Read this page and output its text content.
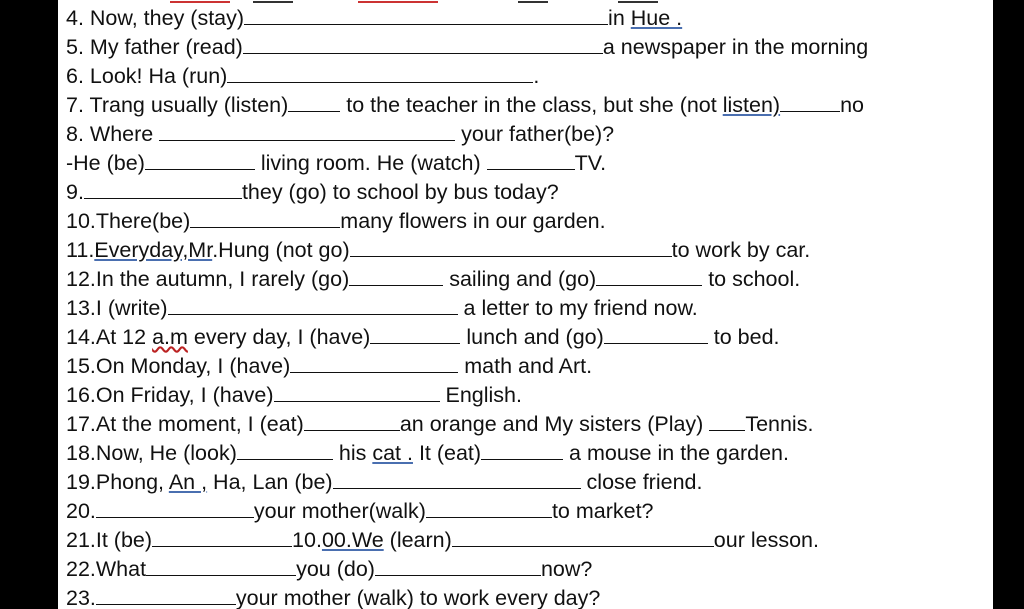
4. Now, they (stay)	in Hue .
5. My father (read)	a newspaper in the morning
6. Look! Ha (run)	.
7. Trang usually (listen) to the teacher in the class, but she (not listen)	no
8. Where	your father(be)?
-He (be)	living room. He (watch)	TV.
9.	they (go) to school by bus today?
10.There(be)	many flowers in our garden.
11.Everyday,Mr.Hung (not go)	to work by car.
12.In the autumn, I rarely (go)	sailing and (go)	to school.
13.I (write)	a letter to my friend now.
14.At 12 a.m every day, I (have)	lunch and (go)	to bed.
15.On Monday, I (have)	math and Art.
16.On Friday, I (have)	English.
17.At the moment, I (eat)	an orange and My sisters (Play) Tennis.
18.Now, He (look)	his cat . It (eat)	a mouse in the garden.
19.Phong, An , Ha, Lan (be)	close friend.
20.	your mother(walk)	to market?
21.It (be)	10.00.We (learn)	our lesson.
22.What	you (do)	now?
23.	your mother (walk) to work every day?
